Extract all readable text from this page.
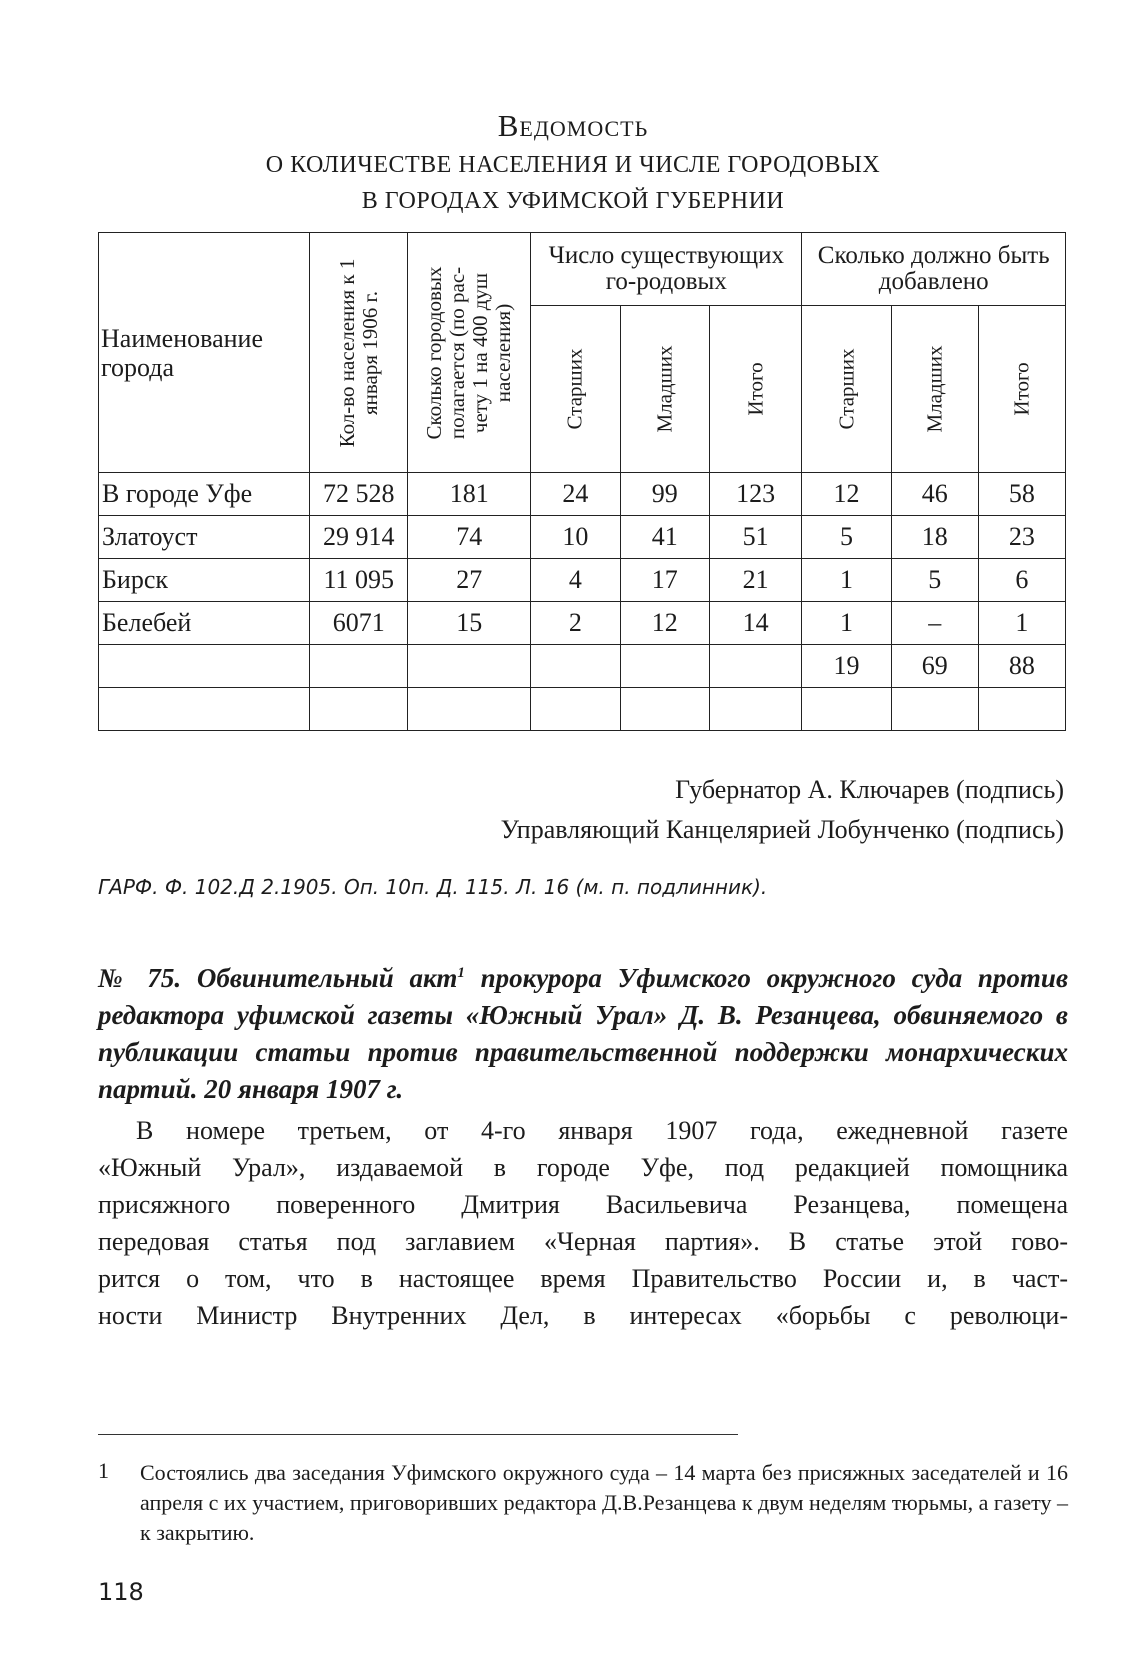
Ведомость
О КОЛИЧЕСТВЕ НАСЕЛЕНИЯ И ЧИСЛЕ ГОРОДОВЫХ
В ГОРОДАХ УФИМСКОЙ ГУБЕРНИИ
Наименование города	Кол-во населения к 1 января 1906 г.	Сколько городовых полагается (по рас- чету 1 на 400 душ населения)	Число существующих го-родовых			Сколько должно быть добавлено		

			Старших	Младших	Итого	Старших	Младших	Итого

В городе Уфе	72 528	181	24	99	123	12	46	58
Златоуст	29 914	74	10	41	51	5	18	23
Бирск	11 095	27	4	17	21	1	5	6
Белебей	6071	15	2	12	14	1	–	1
						19	69	88

Губернатор А. Ключарев (подпись)
Управляющий Канцелярией Лобунченко (подпись)
ГАРФ. Ф. 102.Д 2.1905. Оп. 10п. Д. 115. Л. 16 (м. п. подлинник).
№ 75. Обвинительный акт$^1$ прокурора Уфимского окружного суда против редактора уфимской газеты «Южный Урал» Д. В. Резанцева, обвиняемого в публикации статьи против правительственной поддержки монархических партий. 20 января 1907 г.
В номере третьем, от 4-го января 1907 года, ежедневной газете
«Южный Урал», издаваемой в городе Уфе, под редакцией помощника
присяжного поверенного Дмитрия Васильевича Резанцева, помещена
передовая статья под заглавием «Черная партия». В статье этой гово-
рится о том, что в настоящее время Правительство России и, в част-
ности Министр Внутренних Дел, в интересах «борьбы с революци-
1 Состоялись два заседания Уфимского окружного суда – 14 марта без присяжных заседателей и 16 апреля с их участием, приговоривших редактора Д.В.Резанцева к двум неделям тюрьмы, а газету – к закрытию.
118
